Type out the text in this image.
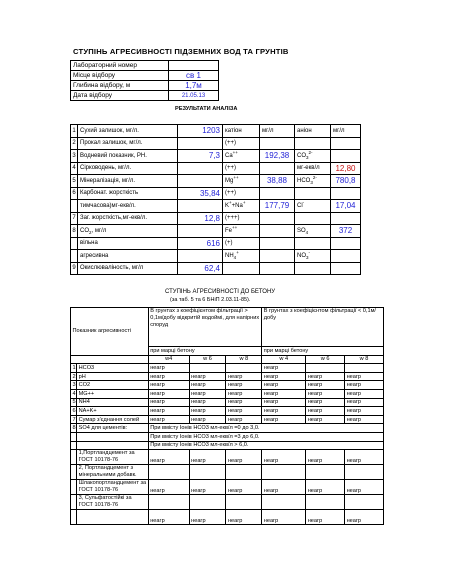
СТУПІНЬ АГРЕСИВНОСТІ ПІДЗЕМНИХ ВОД ТА ГРУНТІВ
Лабораторний номер	
Місце відбору	св 1
Глибина відбору, м	1,7м
Дата відбору	21.05.13
РЕЗУЛЬТАТИ АНАЛІЗА
1	Сухий залишок, мг/л.	1203	катіон	мг/л	аніон	мг/л
2	Прокал залишок, мг/л.		(++)			
3	Водневий показник, РН.	7,3	Ca++	192,38	$CO_3^{2-}$	
4	Сірководень, мг/л.		(++)		мг-екв/л	12,80
5	Мінералізація, мг/л.		Mg++	38,88	$HCO_3^{2-}$	780,8
6	Карбонат. жорсткість	35,84	(++)			
	тимчасова)мг-екв/л.		K++Na+	177,79	Cl-	17,04
7	Заг. жорсткість,мг-екв/л.	12,8	(+++)			
8	$CO_2$, мг/л		Fe++		$SO_4$	372
	вільна	616	(+)			
	агресивна		$NH_4^+$		$NO_3^-$	
9	Окислюваліность, мг/л	62,4				
СТУПІНЬ АГРЕСИВНОСТІ ДО БЕТОНУ
(за таб. 5 та 6 БНіП 2.03.11-85).
Показник агресивності		В грунтах з коефіцієнтом фільтрації > 0,1м/добу відкритій водоймі, для напірних споруд			В грунтах з коефіцієнтом фільтрації < 0,1м/добу		
		при марці бетону			при марці бетону		
		w4	w 6	w 8	w 4	w 6	w 8
1	HCO3	неагр			неагр		
2	pH	неагр	неагр	неагр	неагр	неагр	неагр
3	CO2	неагр	неагр	неагр	неагр	неагр	неагр
4	MG++	неагр	неагр	неагр	неагр	неагр	неагр
5	NH4	неагр	неагр	неагр	неагр	неагр	неагр
6	NA+K+	неагр	неагр	неагр	неагр	неагр	неагр
7	Сумар з'єднання солей	неагр	неагр	неагр	неагр	неагр	неагр
8	SO4 для цементів:	При вмісту Іонів HCO3 мл-екв/л =0 до 3,0.					
		При вмісту Іонів HCO3 мл-екв/л =3 до 6,0.					
		При вмісту Іонів HCO3 мл-екв/л > 6,0.					
	1,Портландцемент за ГОСТ 10178-76	неагр	неагр	неагр	неагр	неагр	неагр
	2, Портландцемент з мінеральними добавк.						
	Шлакопортландцемент за ГОСТ 10178-76	неагр	неагр	неагр	неагр	неагр	неагр
	3, Сульфатостійкі за ГОСТ 10178-76						
		неагр	неагр	неагр	неагр	неагр	неагр
